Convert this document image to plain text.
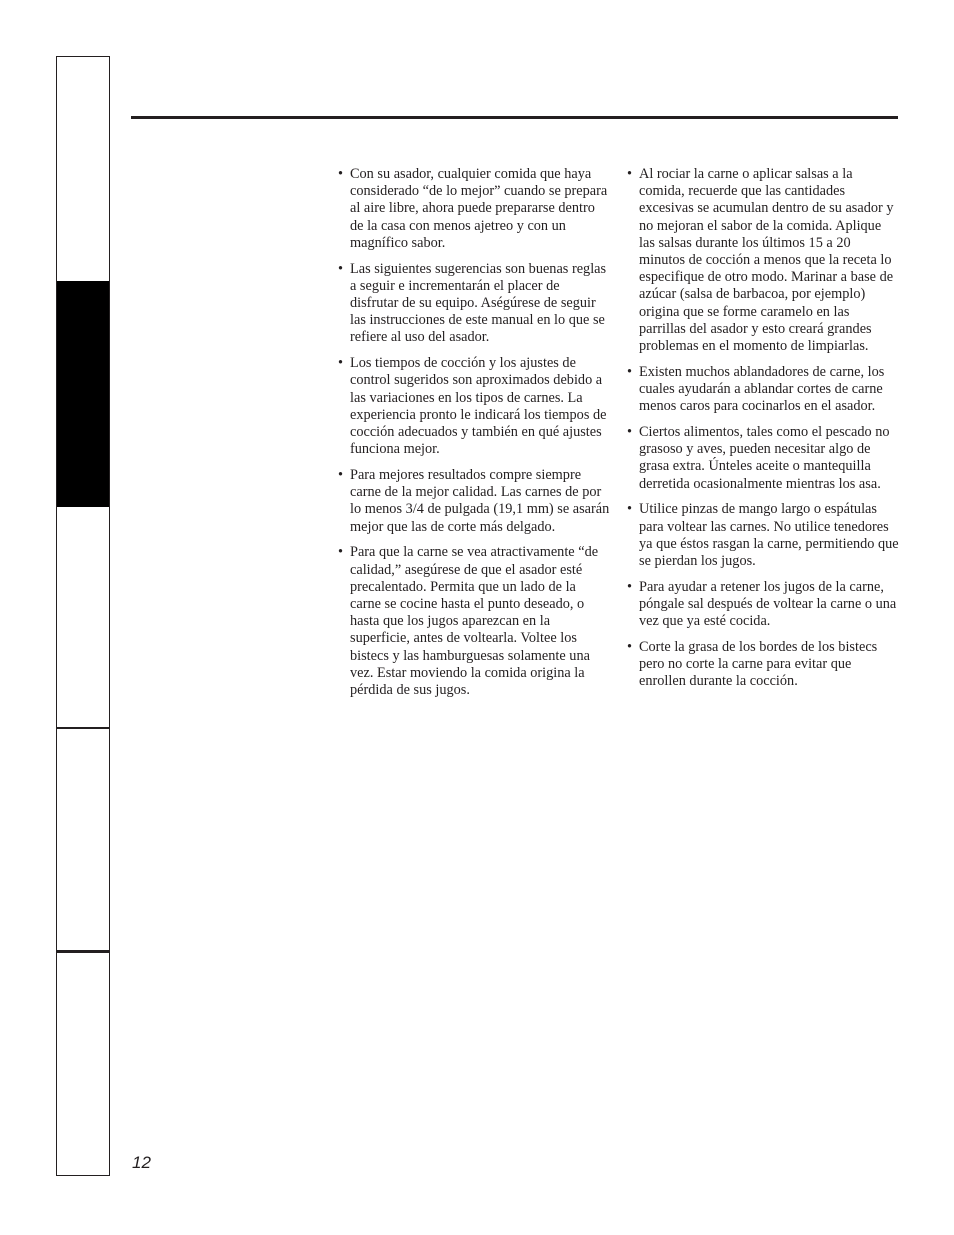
• Con su asador, cualquier comida que haya considerado “de lo mejor” cuando se prepara al aire libre, ahora puede prepararse dentro de la casa con menos ajetreo y con un magnífico sabor.
• Las siguientes sugerencias son buenas reglas a seguir e incrementarán el placer de disfrutar de su equipo. Aségúrese de seguir las instrucciones de este manual en lo que se refiere al uso del asador.
• Los tiempos de cocción y los ajustes de control sugeridos son aproximados debido a las variaciones en los tipos de carnes. La experiencia pronto le indicará los tiempos de cocción adecuados y también en qué ajustes funciona mejor.
• Para mejores resultados compre siempre carne de la mejor calidad. Las carnes de por lo menos 3/4 de pulgada (19,1 mm) se asarán mejor que las de corte más delgado.
• Para que la carne se vea atractivamente “de calidad,” asegúrese de que el asador esté precalentado. Permita que un lado de la carne se cocine hasta el punto deseado, o hasta que los jugos aparezcan en la superficie, antes de voltearla. Voltee los bistecs y las hamburguesas solamente una vez. Estar moviendo la comida origina la pérdida de sus jugos.
• Al rociar la carne o aplicar salsas a la comida, recuerde que las cantidades excesivas se acumulan dentro de su asador y no mejoran el sabor de la comida. Aplique las salsas durante los últimos 15 a 20 minutos de cocción a menos que la receta lo especifique de otro modo. Marinar a base de azúcar (salsa de barbacoa, por ejemplo) origina que se forme caramelo en las parrillas del asador y esto creará grandes problemas en el momento de limpiarlas.
• Existen muchos ablandadores de carne, los cuales ayudarán a ablandar cortes de carne menos caros para cocinarlos en el asador.
• Ciertos alimentos, tales como el pescado no grasoso y aves, pueden necesitar algo de grasa extra. Únteles aceite o mantequilla derretida ocasionalmente mientras los asa.
• Utilice pinzas de mango largo o espátulas para voltear las carnes. No utilice tenedores ya que éstos rasgan la carne, permitiendo que se pierdan los jugos.
• Para ayudar a retener los jugos de la carne, póngale sal después de voltear la carne o una vez que ya esté cocida.
• Corte la grasa de los bordes de los bistecs pero no corte la carne para evitar que enrollen durante la cocción.
12
